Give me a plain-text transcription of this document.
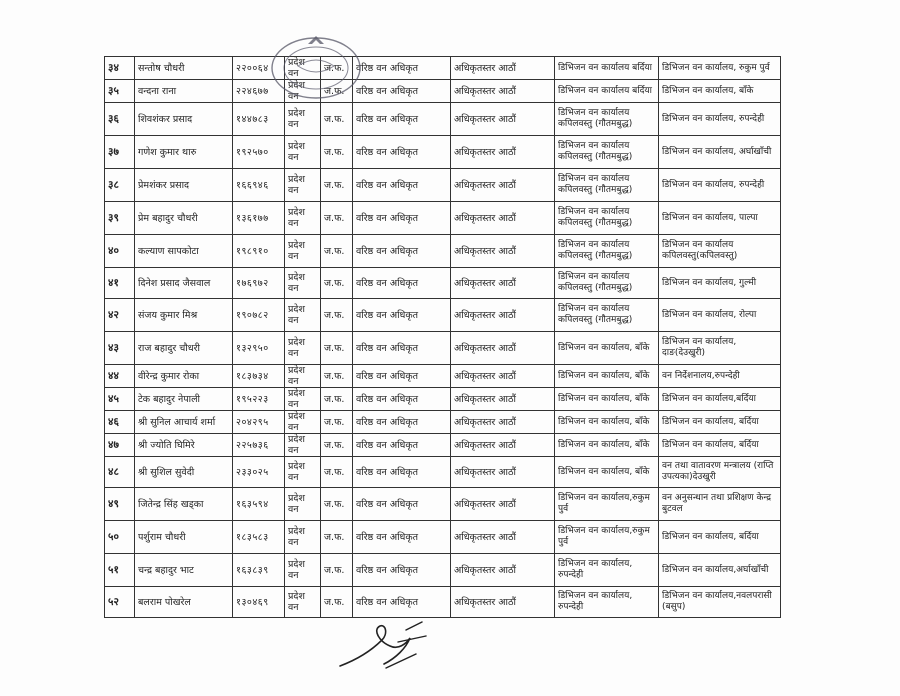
३४	सन्तोष चौधरी	२२००६४	प्रदेश वन	ज.फ.	वरिष्ठ वन अधिकृत	अधिकृतस्तर आठौं	डिभिजन वन कार्यालय बर्दिया	डिभिजन वन कार्यालय, रुकुम पुर्व
३५	वन्दना राना	२२४६७७	प्रदेश वन	ज.फ.	वरिष्ठ वन अधिकृत	अधिकृतस्तर आठौं	डिभिजन वन कार्यालय बर्दिया	डिभिजन वन कार्यालय, बाँके
३६	शिवशंकर प्रसाद	१४४७८३	प्रदेश वन	ज.फ.	वरिष्ठ वन अधिकृत	अधिकृतस्तर आठौं	डिभिजन वन कार्यालय कपिलवस्तु (गौतमबुद्ध)	डिभिजन वन कार्यालय, रुपन्देही
३७	गणेश कुमार थारु	१९२५७०	प्रदेश वन	ज.फ.	वरिष्ठ वन अधिकृत	अधिकृतस्तर आठौं	डिभिजन वन कार्यालय कपिलवस्तु (गौतमबुद्ध)	डिभिजन वन कार्यालय, अर्घाखाँची
३८	प्रेमशंकर प्रसाद	१६६९४६	प्रदेश वन	ज.फ.	वरिष्ठ वन अधिकृत	अधिकृतस्तर आठौं	डिभिजन वन कार्यालय कपिलवस्तु (गौतमबुद्ध)	डिभिजन वन कार्यालय, रुपन्देही
३९	प्रेम बहादुर चौधरी	१३६१७७	प्रदेश वन	ज.फ.	वरिष्ठ वन अधिकृत	अधिकृतस्तर आठौं	डिभिजन वन कार्यालय कपिलवस्तु (गौतमबुद्ध)	डिभिजन वन कार्यालय, पाल्पा
४०	कल्याण सापकोटा	१९८९१०	प्रदेश वन	ज.फ.	वरिष्ठ वन अधिकृत	अधिकृतस्तर आठौं	डिभिजन वन कार्यालय कपिलवस्तु (गौतमबुद्ध)	डिभिजन वन कार्यालय कपिलवस्तु(कपिलवस्तु)
४१	दिनेश प्रसाद जैसवाल	१७६९७२	प्रदेश वन	ज.फ.	वरिष्ठ वन अधिकृत	अधिकृतस्तर आठौं	डिभिजन वन कार्यालय कपिलवस्तु (गौतमबुद्ध)	डिभिजन वन कार्यालय, गुल्मी
४२	संजय कुमार मिश्र	१९०७८२	प्रदेश वन	ज.फ.	वरिष्ठ वन अधिकृत	अधिकृतस्तर आठौं	डिभिजन वन कार्यालय कपिलवस्तु (गौतमबुद्ध)	डिभिजन वन कार्यालय, रोल्पा
४३	राज बहादुर चौधरी	१३२९५०	प्रदेश वन	ज.फ.	वरिष्ठ वन अधिकृत	अधिकृतस्तर आठौं	डिभिजन वन कार्यालय, बाँके	डिभिजन वन कार्यालय, दाङ(देउखुरी)
४४	वीरेन्द्र कुमार रोका	१८३७३४	प्रदेश वन	ज.फ.	वरिष्ठ वन अधिकृत	अधिकृतस्तर आठौं	डिभिजन वन कार्यालय, बाँके	वन निर्देशनालय,रुपन्देही
४५	टेक बहादुर नेपाली	१९५२२३	प्रदेश वन	ज.फ.	वरिष्ठ वन अधिकृत	अधिकृतस्तर आठौं	डिभिजन वन कार्यालय, बाँके	डिभिजन वन कार्यालय,बर्दिया
४६	श्री सुनिल आचार्य शर्मा	२०४२९५	प्रदेश वन	ज.फ.	वरिष्ठ वन अधिकृत	अधिकृतस्तर आठौं	डिभिजन वन कार्यालय, बाँके	डिभिजन वन कार्यालय, बर्दिया
४७	श्री ज्योति घिमिरे	२२५७३६	प्रदेश वन	ज.फ.	वरिष्ठ वन अधिकृत	अधिकृतस्तर आठौं	डिभिजन वन कार्यालय, बाँके	डिभिजन वन कार्यालय, बर्दिया
४८	श्री सुशिल सुवेदी	२३३०२५	प्रदेश वन	ज.फ.	वरिष्ठ वन अधिकृत	अधिकृतस्तर आठौं	डिभिजन वन कार्यालय, बाँके	वन तथा वातावरण मन्त्रालय (राप्ति उपत्यका)देउखुरी
४९	जितेन्द्र सिंह खड्का	१६३५९४	प्रदेश वन	ज.फ.	वरिष्ठ वन अधिकृत	अधिकृतस्तर आठौं	डिभिजन वन कार्यालय,रुकुम पुर्व	वन अनुसन्धान तथा प्रशिक्षण केन्द्र बुटवल
५०	पर्शुराम चौधरी	१८३५८३	प्रदेश वन	ज.फ.	वरिष्ठ वन अधिकृत	अधिकृतस्तर आठौं	डिभिजन वन कार्यालय,रुकुम पुर्व	डिभिजन वन कार्यालय, बर्दिया
५१	चन्द्र बहादुर भाट	१६३८३९	प्रदेश वन	ज.फ.	वरिष्ठ वन अधिकृत	अधिकृतस्तर आठौं	डिभिजन वन कार्यालय, रुपन्देही	डिभिजन वन कार्यालय,अर्घाखाँची
५२	बलराम पोखरेल	१३०४६९	प्रदेश वन	ज.फ.	वरिष्ठ वन अधिकृत	अधिकृतस्तर आठौं	डिभिजन वन कार्यालय, रुपन्देही	डिभिजन वन कार्यालय,नवलपरासी (बसुप)
